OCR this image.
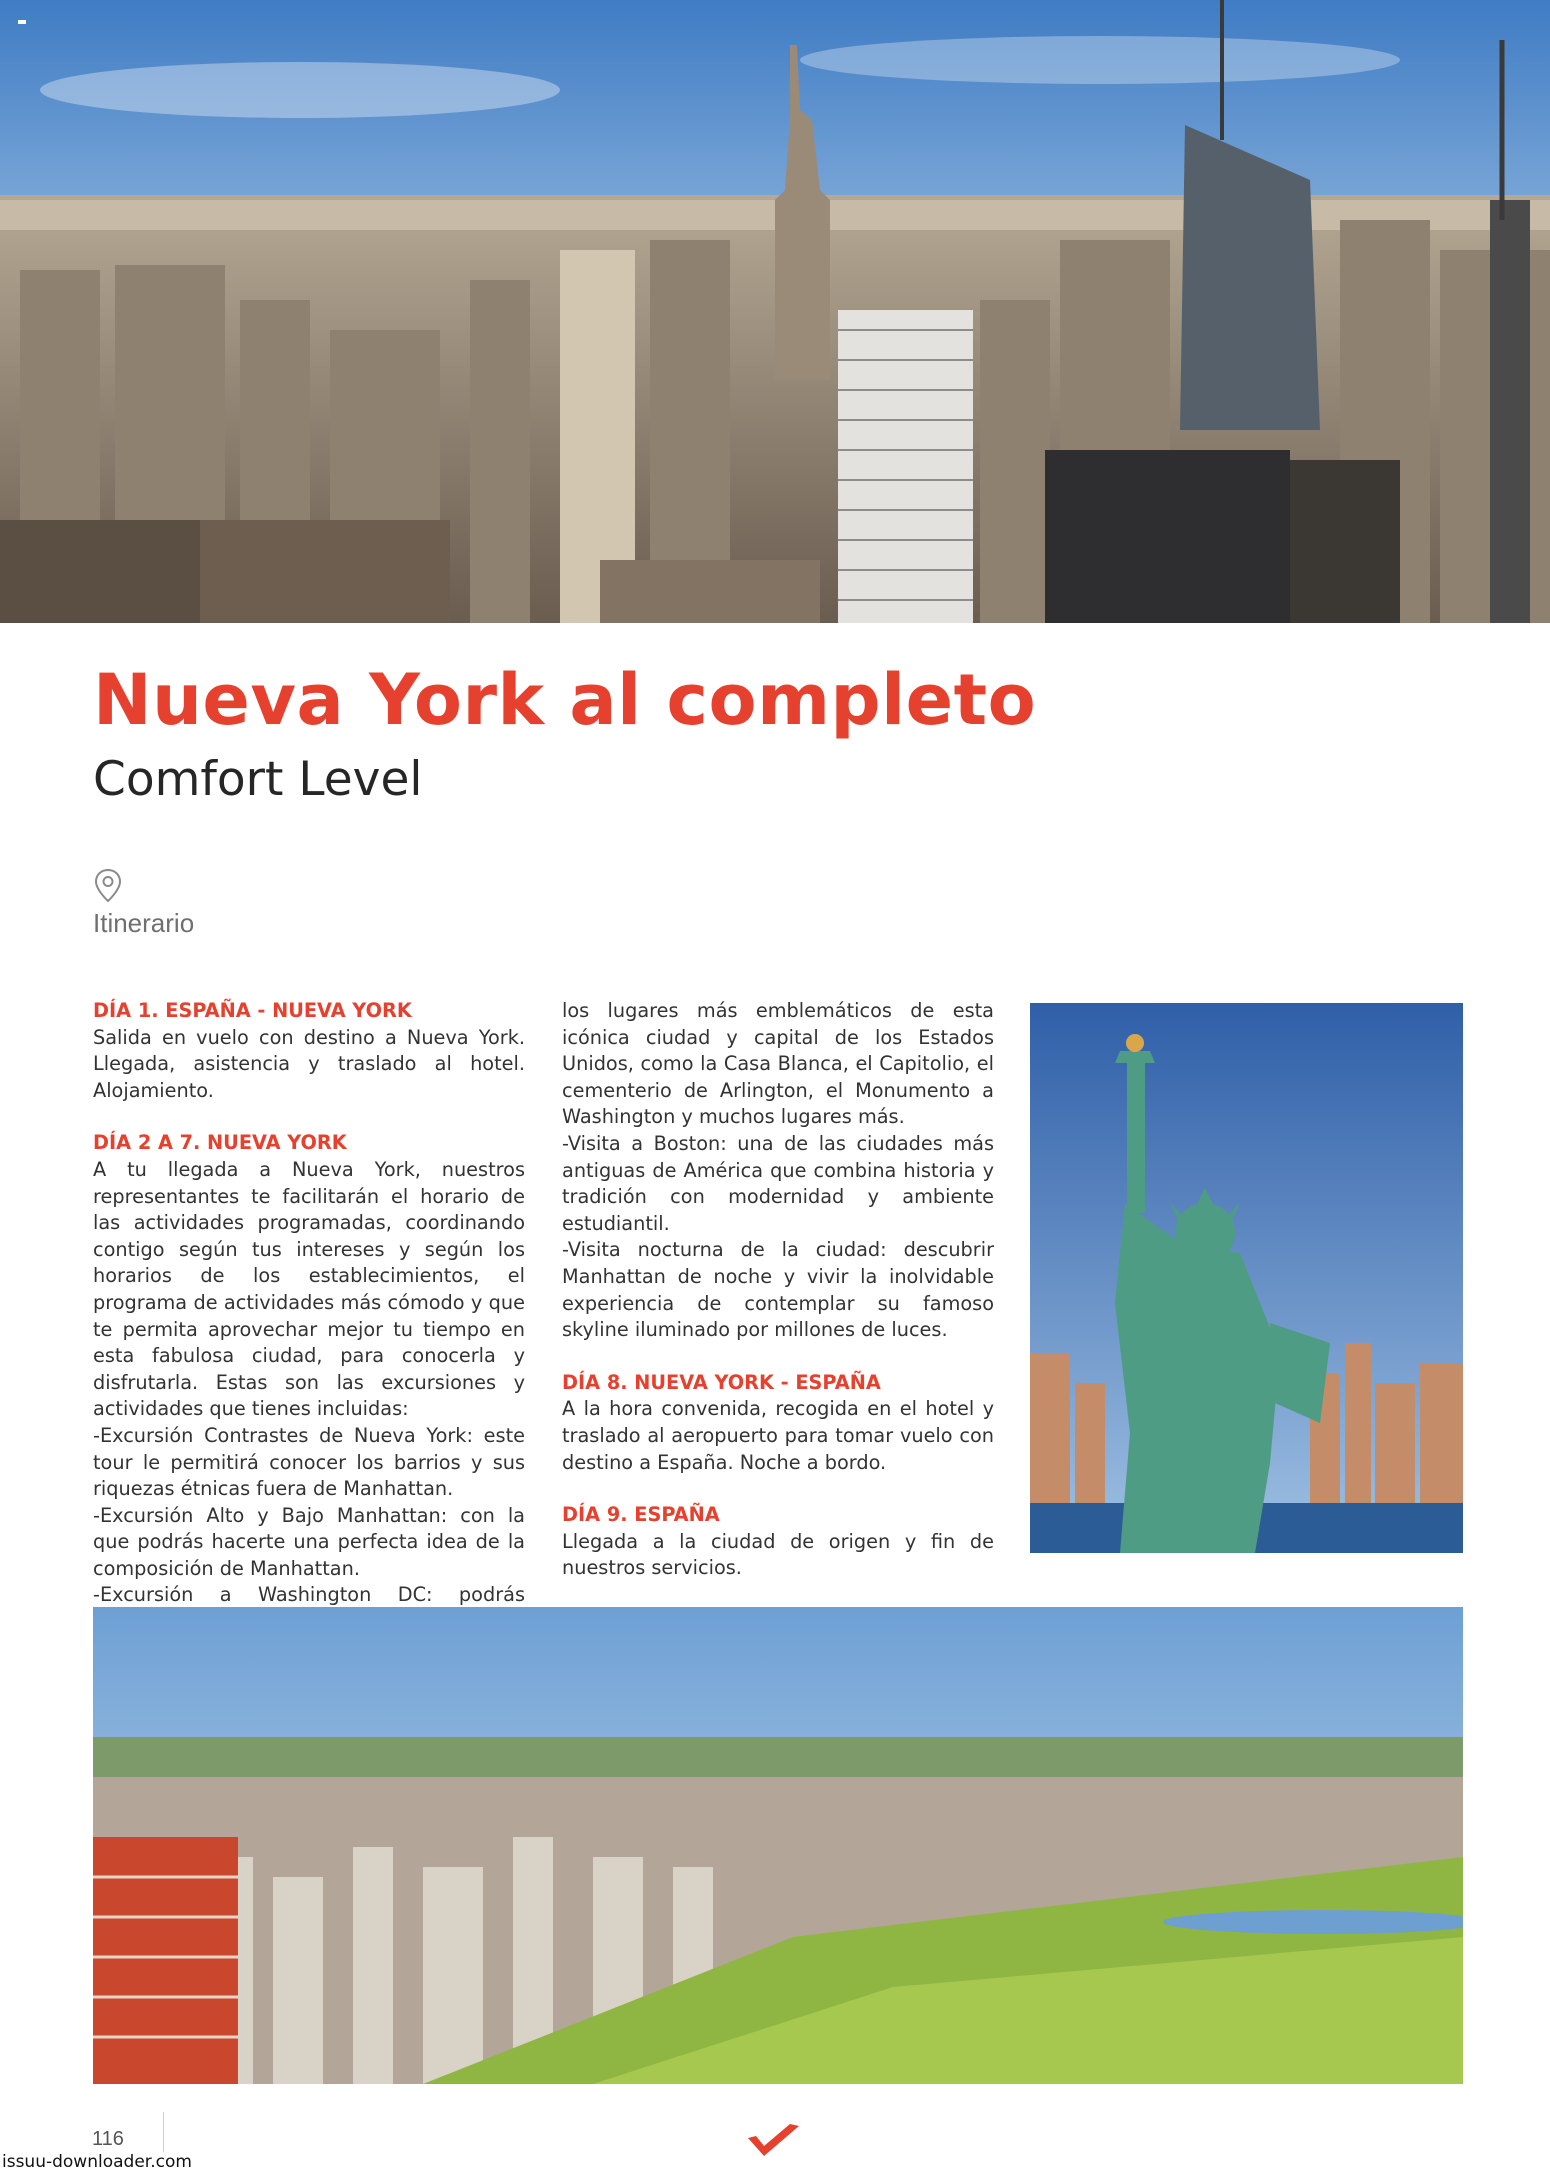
Nueva York al completo
Comfort Level
Itinerario

DÍA 1. ESPAÑA - NUEVA YORK

Salida en vuelo con destino a Nueva York. Llegada, asistencia y traslado al hotel. Alojamiento.

DÍA 2 A 7. NUEVA YORK

A tu llegada a Nueva York, nuestros representantes te facilitarán el horario de las actividades programadas, coordinando contigo según tus intereses y según los horarios de los establecimientos, el programa de actividades más cómodo y que te permita aprovechar mejor tu tiempo en esta fabulosa ciudad, para conocerla y disfrutarla. Estas son las excursiones y actividades que tienes incluidas:

-Excursión Contrastes de Nueva York: este tour le permitirá conocer los barrios y sus riquezas étnicas fuera de Manhattan.

-Excursión Alto y Bajo Manhattan: con la que podrás hacerte una perfecta idea de la composición de Manhattan.

-Excursión a Washington DC: podrás

los lugares más emblemáticos de esta icónica ciudad y capital de los Estados Unidos, como la Casa Blanca, el Capitolio, el cementerio de Arlington, el Monumento a Washington y muchos lugares más.

-Visita a Boston: una de las ciudades más antiguas de América que combina historia y tradición con modernidad y ambiente estudiantil.

-Visita nocturna de la ciudad: descubrir Manhattan de noche y vivir la inolvidable experiencia de contemplar su famoso skyline iluminado por millones de luces.

DÍA 8. NUEVA YORK - ESPAÑA

A la hora convenida, recogida en el hotel y traslado al aeropuerto para tomar vuelo con destino a España. Noche a bordo.

DÍA 9. ESPAÑA

Llegada a la ciudad de origen y fin de nuestros servicios.

116
issuu-downloader.com
